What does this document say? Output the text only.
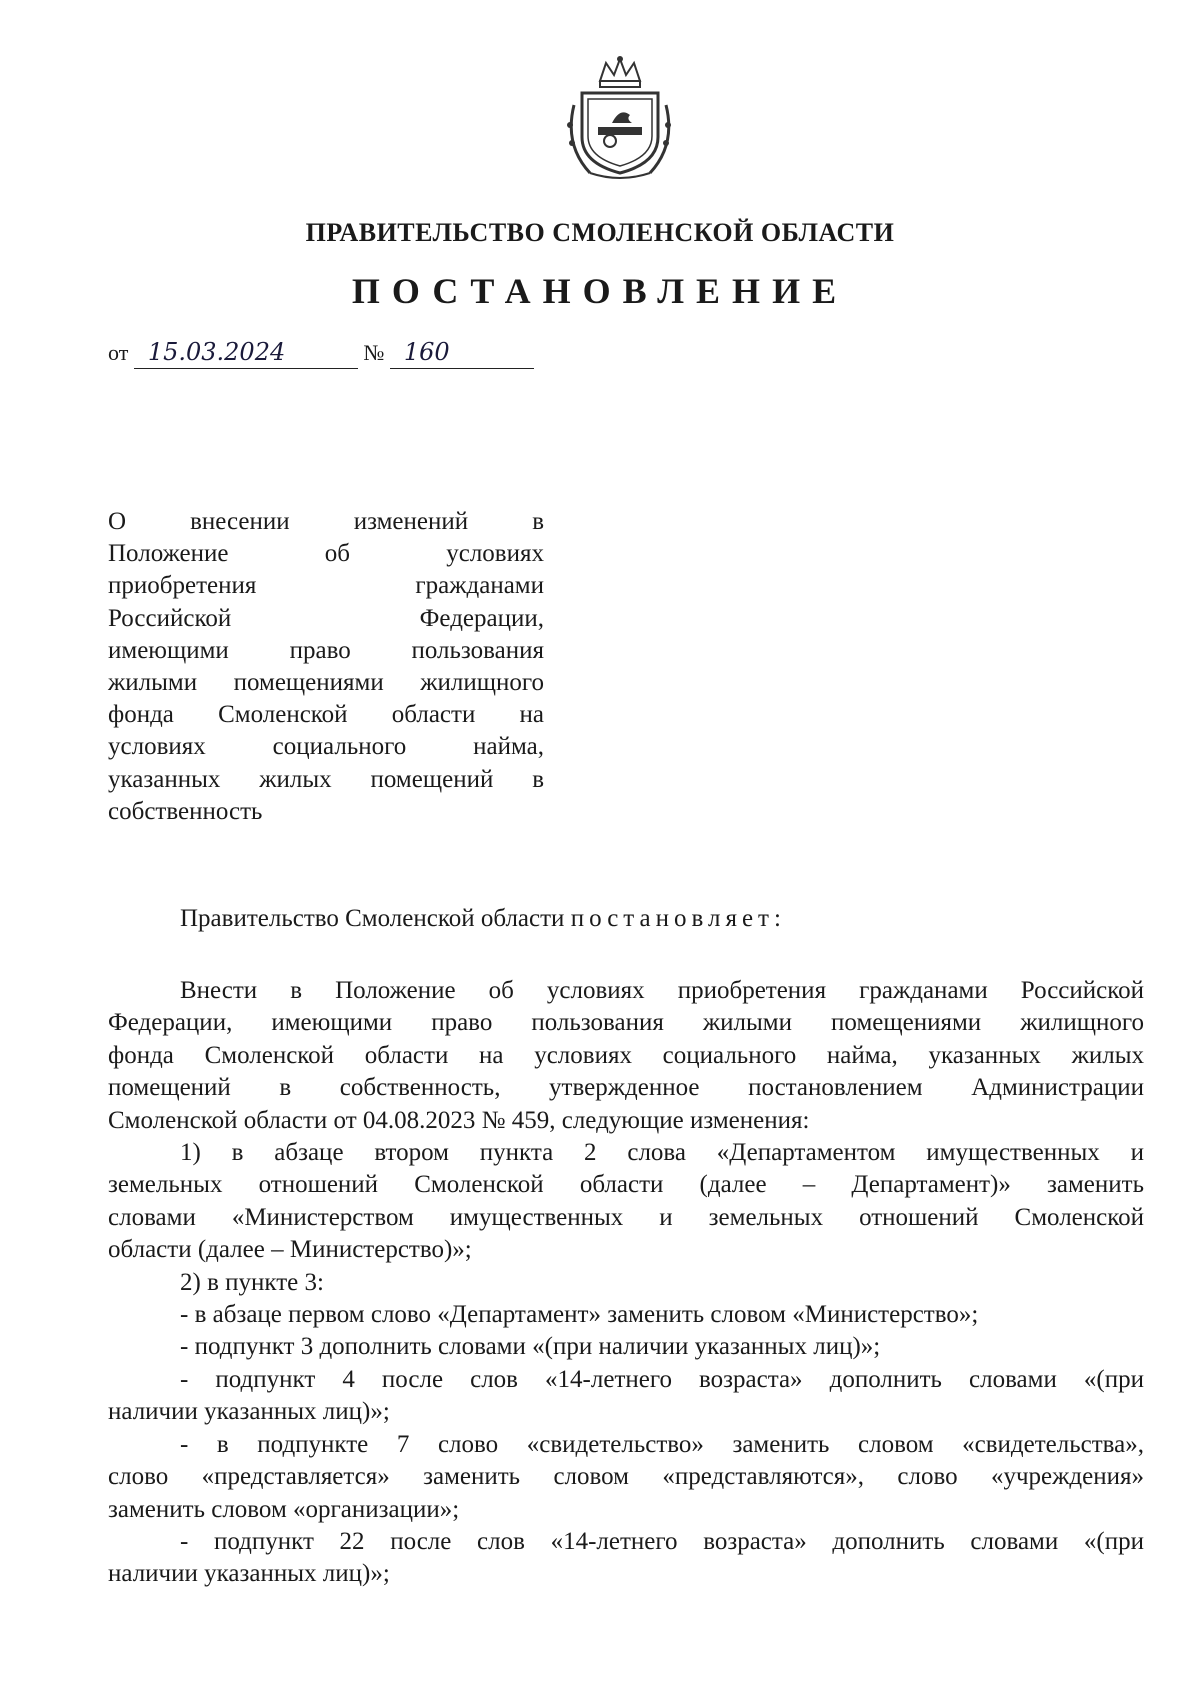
ПРАВИТЕЛЬСТВО СМОЛЕНСКОЙ ОБЛАСТИ
ПОСТАНОВЛЕНИЕ
от 15.03.2024	№ 160
О внесении изменений в
Положение об условиях
приобретения гражданами
Российской Федерации,
имеющими право пользования
жилыми помещениями жилищного
фонда Смоленской области на
условиях социального найма,
указанных жилых помещений в
собственность
Правительство Смоленской области постановляет:
Внести в Положение об условиях приобретения гражданами Российской
Федерации, имеющими право пользования жилыми помещениями жилищного
фонда Смоленской области на условиях социального найма, указанных жилых
помещений в собственность, утвержденное постановлением Администрации
Смоленской области от 04.08.2023 № 459, следующие изменения:
1) в абзаце втором пункта 2 слова «Департаментом имущественных и
земельных отношений Смоленской области (далее – Департамент)» заменить
словами «Министерством имущественных и земельных отношений Смоленской
области (далее – Министерство)»;
2) в пункте 3:
- в абзаце первом слово «Департамент» заменить словом «Министерство»;
- подпункт 3 дополнить словами «(при наличии указанных лиц)»;
- подпункт 4 после слов «14-летнего возраста» дополнить словами «(при
наличии указанных лиц)»;
- в подпункте 7 слово «свидетельство» заменить словом «свидетельства»,
слово «представляется» заменить словом «представляются», слово «учреждения»
заменить словом «организации»;
- подпункт 22 после слов «14-летнего возраста» дополнить словами «(при
наличии указанных лиц)»;
